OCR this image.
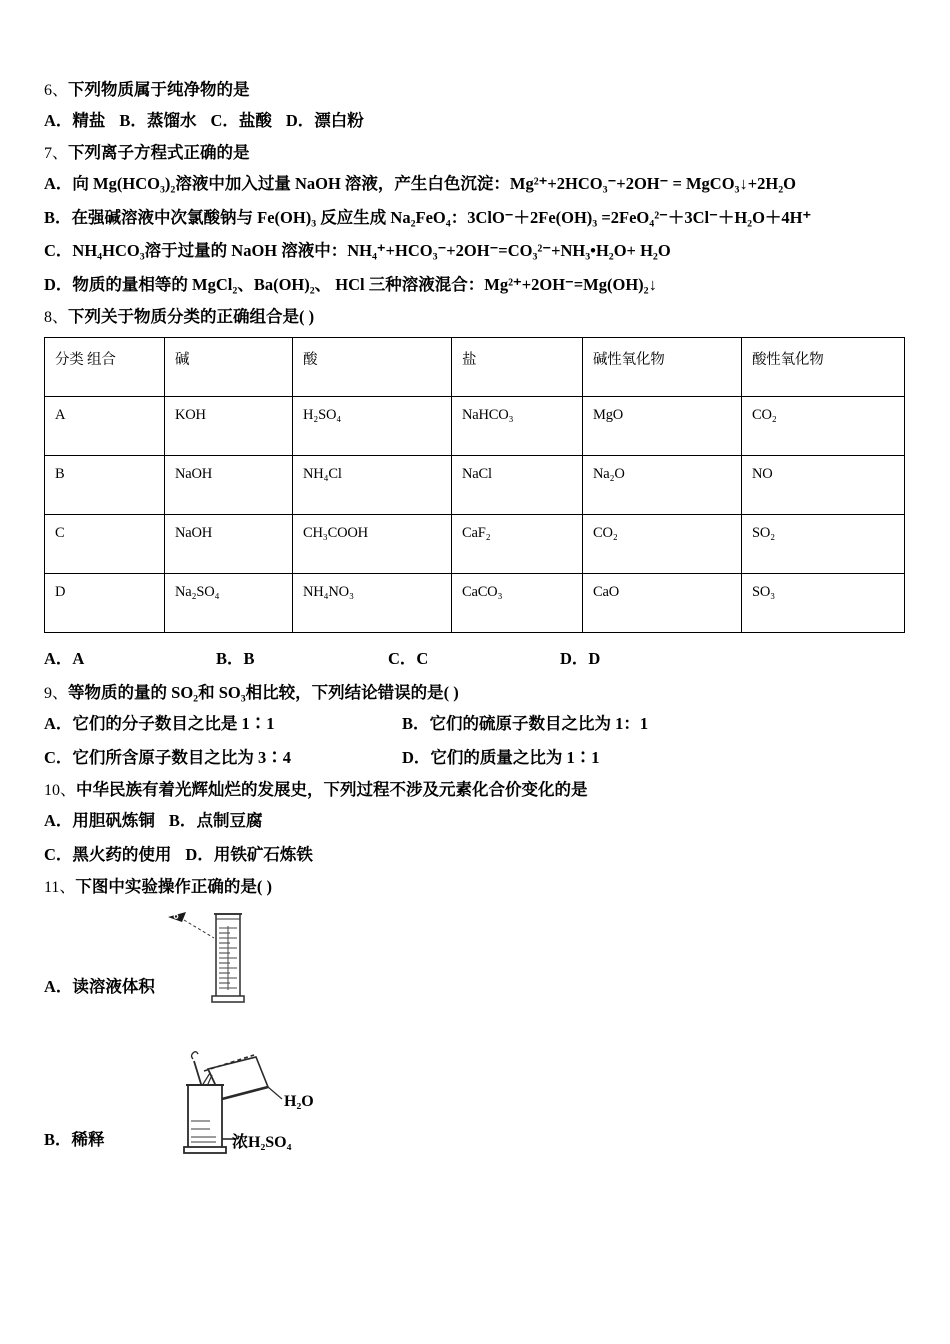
6、下列物质属于纯净物的是
A．精盐 B．蒸馏水 C．盐酸 D．漂白粉
7、下列离子方程式正确的是
A．向 Mg(HCO₃)₂溶液中加入过量 NaOH 溶液，产生白色沉淀：Mg²⁺+2HCO₃⁻+2OH⁻ = MgCO₃↓+2H₂O
B．在强碱溶液中次氯酸钠与 Fe(OH)₃ 反应生成 Na₂FeO₄：3ClO⁻＋2Fe(OH)₃ =2FeO₄²⁻＋3Cl⁻＋H₂O＋4H⁺
C．NH₄HCO₃溶于过量的 NaOH 溶液中：NH₄⁺+HCO₃⁻+2OH⁻=CO₃²⁻+NH₃•H₂O+ H₂O
D．物质的量相等的 MgCl₂、Ba(OH)₂、 HCl 三种溶液混合：Mg²⁺+2OH⁻=Mg(OH)₂↓
8、下列关于物质分类的正确组合是( )
分类 组合	碱	酸	盐	碱性氧化物	酸性氧化物
A	KOH	H₂SO₄	NaHCO₃	MgO	CO₂
B	NaOH	NH₄Cl	NaCl	Na₂O	NO
C	NaOH	CH₃COOH	CaF₂	CO₂	SO₂
D	Na₂SO₄	NH₄NO₃	CaCO₃	CaO	SO₃
A．A	B．B	C．C	D．D
9、等物质的量的 SO₂和 SO₃相比较，下列结论错误的是( )
A．它们的分子数目之比是 1∶1	B．它们的硫原子数目之比为 1：1
C．它们所含原子数目之比为 3∶4	D．它们的质量之比为 1∶1
10、中华民族有着光辉灿烂的发展史，下列过程不涉及元素化合价变化的是
A．用胆矾炼铜 B．点制豆腐
C．黑火药的使用 D．用铁矿石炼铁
11、下图中实验操作正确的是( )
A．读溶液体积
B．稀释
H₂O
浓H₂SO₄
